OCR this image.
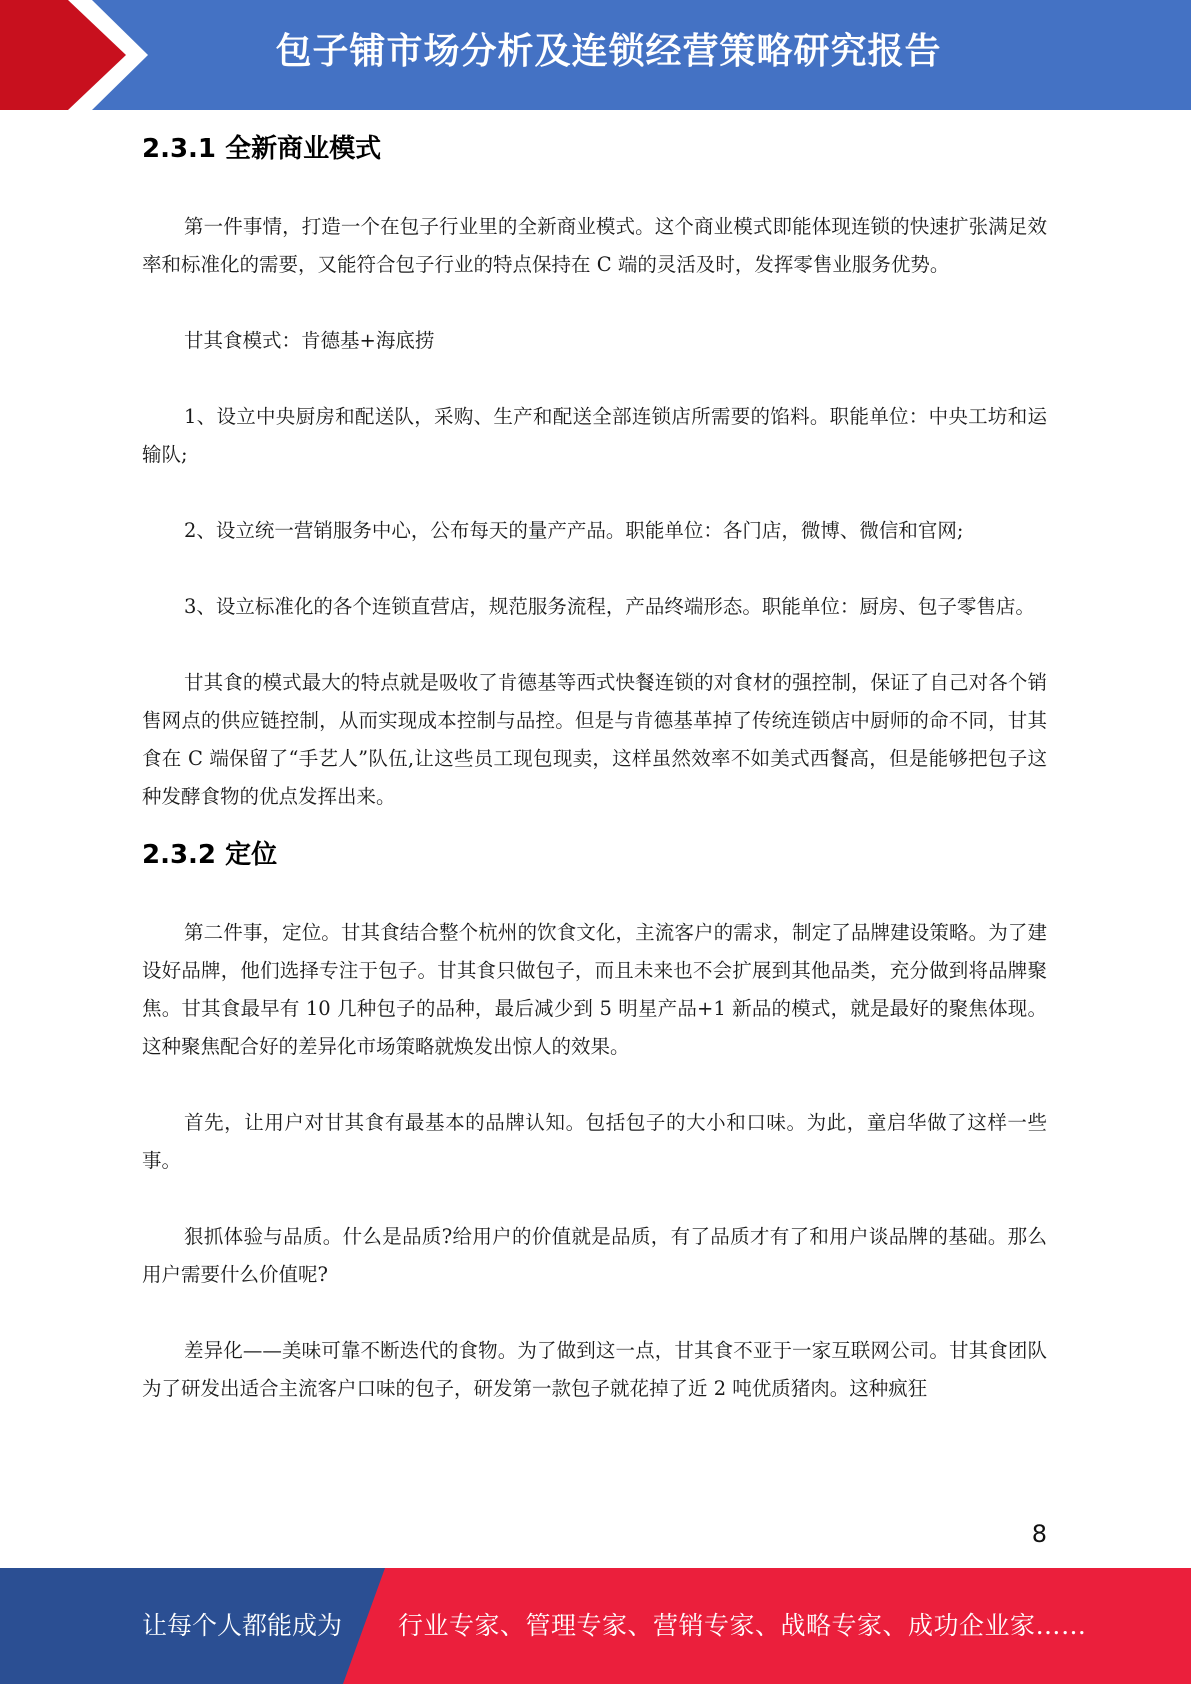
包子铺市场分析及连锁经营策略研究报告
2.3.1 全新商业模式

第一件事情，打造一个在包子行业里的全新商业模式。这个商业模式即能体现连锁的快速扩张满足效率和标准化的需要，又能符合包子行业的特点保持在 C 端的灵活及时，发挥零售业服务优势。

甘其食模式：肯德基+海底捞

1、设立中央厨房和配送队，采购、生产和配送全部连锁店所需要的馅料。职能单位：中央工坊和运输队;

2、设立统一营销服务中心，公布每天的量产产品。职能单位：各门店，微博、微信和官网;

3、设立标准化的各个连锁直营店，规范服务流程，产品终端形态。职能单位：厨房、包子零售店。

甘其食的模式最大的特点就是吸收了肯德基等西式快餐连锁的对食材的强控制，保证了自己对各个销售网点的供应链控制，从而实现成本控制与品控。但是与肯德基革掉了传统连锁店中厨师的命不同，甘其食在 C 端保留了“手艺人”队伍,让这些员工现包现卖，这样虽然效率不如美式西餐高，但是能够把包子这种发酵食物的优点发挥出来。

2.3.2 定位

第二件事，定位。甘其食结合整个杭州的饮食文化，主流客户的需求，制定了品牌建设策略。为了建设好品牌，他们选择专注于包子。甘其食只做包子，而且未来也不会扩展到其他品类，充分做到将品牌聚焦。甘其食最早有 10 几种包子的品种，最后减少到 5 明星产品+1 新品的模式，就是最好的聚焦体现。这种聚焦配合好的差异化市场策略就焕发出惊人的效果。

首先，让用户对甘其食有最基本的品牌认知。包括包子的大小和口味。为此，童启华做了这样一些事。

狠抓体验与品质。什么是品质?给用户的价值就是品质，有了品质才有了和用户谈品牌的基础。那么用户需要什么价值呢?

差异化——美味可靠不断迭代的食物。为了做到这一点，甘其食不亚于一家互联网公司。甘其食团队为了研发出适合主流客户口味的包子，研发第一款包子就花掉了近 2 吨优质猪肉。这种疯狂

8
让每个人都能成为 行业专家、管理专家、营销专家、战略专家、成功企业家……
